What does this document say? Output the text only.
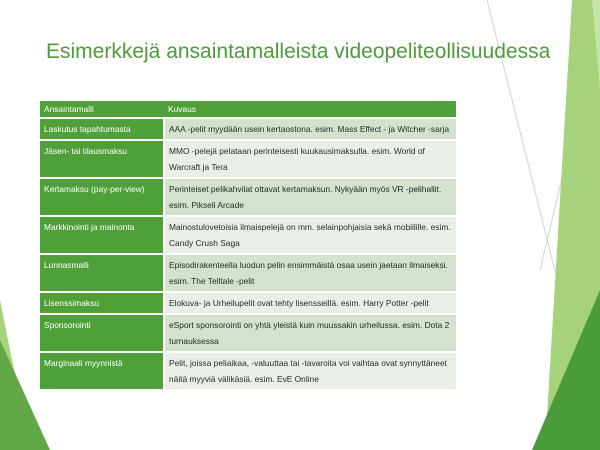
Esimerkkejä ansaintamalleista videopeliteollisuudessa
Ansaintamalli	Kuvaus
Laskutus tapahtumasta	AAA -pelit myydään usein kertaostona. esim. Mass Effect - ja Witcher -sarja
Jäsen- tai tilausmaksu	MMO -pelejä pelataan perinteisesti kuukausimaksulla. esim. World of Warcraft ja Tera
Kertamaksu (pay-per-view)	Perinteiset pelikahvilat ottavat kertamaksun. Nykyään myös VR -pelihallit. esim. Pikseli Arcade
Markkinointi ja mainonta	Mainostulovetoisia ilmaispelejä on mm. selainpohjaisia sekä mobiilille. esim. Candy Crush Saga
Lunnasmalli	Episodirakenteella luodun pelin ensimmäistä osaa usein jaetaan ilmaiseksi. esim. The Telltale -pelit
Lisenssimaksu	Elokuva- ja Urheilupelit ovat tehty lisensseillä. esim. Harry Potter -pelit
Sponsorointi	eSport sponsorointi on yhtä yleistä kuin muussakin urheilussa. esim. Dota 2 turnauksessa
Marginaali myynnistä	Pelit, joissa peliaikaa, -valuuttaa tai -tavaroita voi vaihtaa ovat synnyttäneet näitä myyviä välikäsiä. esim. EvE Online
